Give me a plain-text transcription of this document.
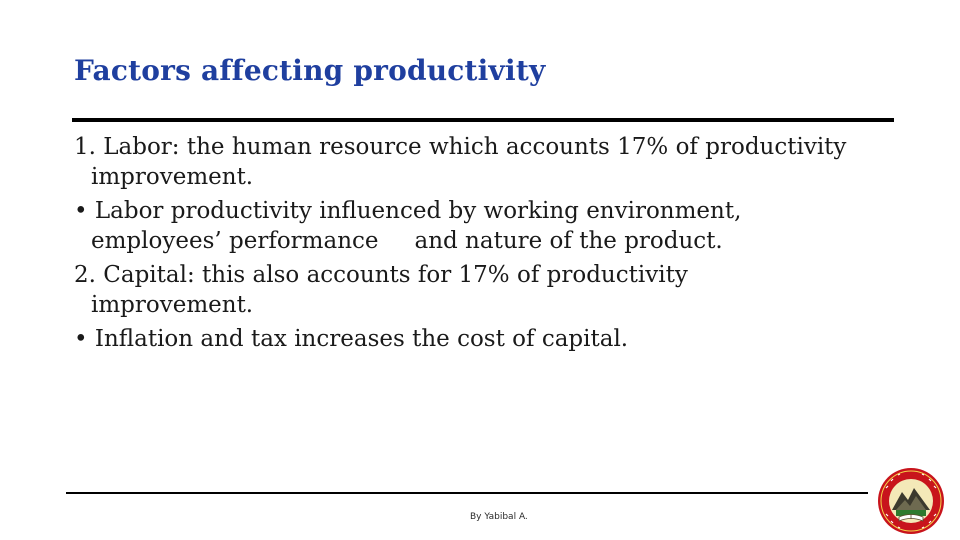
Factors affecting productivity

1. Labor: the human resource which accounts 17% of productivity
improvement.

• Labor productivity influenced by working environment,
employees’ performance and nature of the product.

2. Capital: this also accounts for 17% of productivity
improvement.

• Inflation and tax increases the cost of capital.

By Yabibal A.
